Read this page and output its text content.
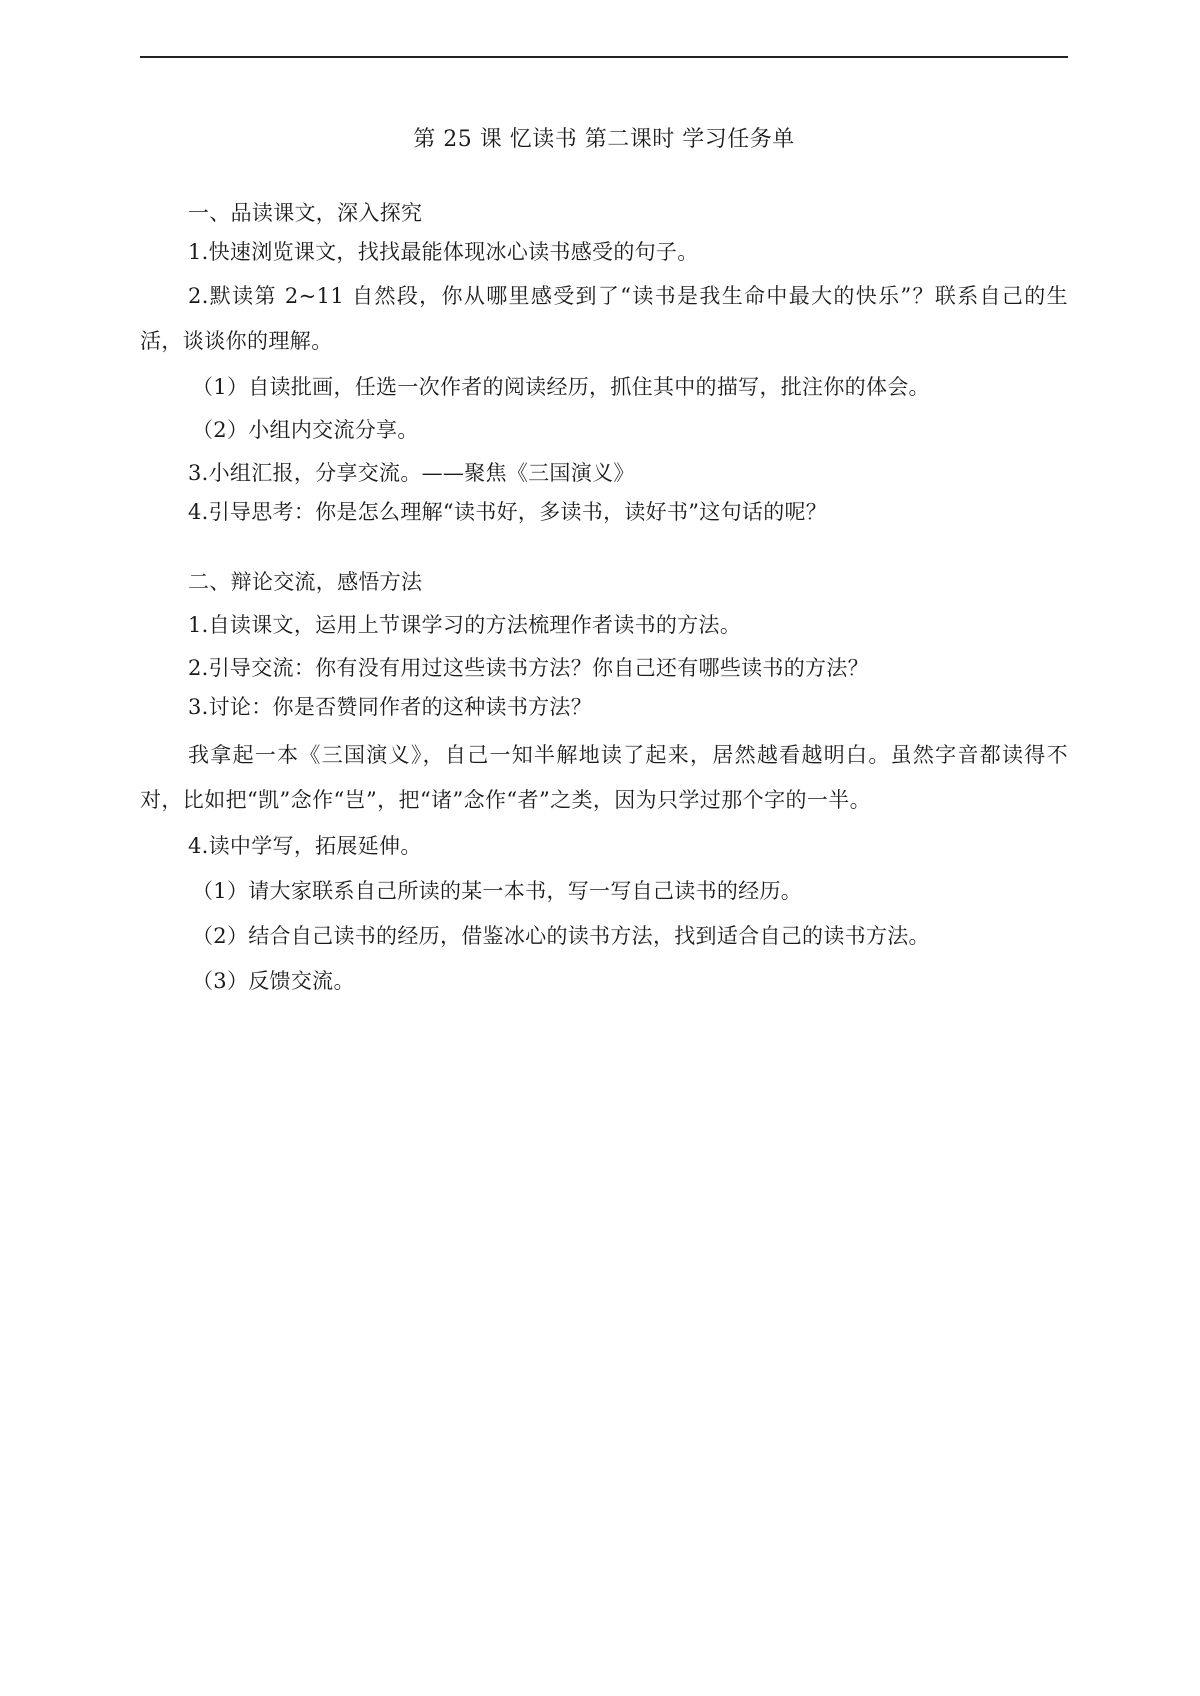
第 25 课 忆读书 第二课时 学习任务单

一、品读课文，深入探究

1.快速浏览课文，找找最能体现冰心读书感受的句子。

2.默读第 2~11 自然段，你从哪里感受到了“读书是我生命中最大的快乐”？联系自己的生活，谈谈你的理解。

（1）自读批画，任选一次作者的阅读经历，抓住其中的描写，批注你的体会。

（2）小组内交流分享。

3.小组汇报，分享交流。——聚焦《三国演义》

4.引导思考：你是怎么理解“读书好，多读书，读好书”这句话的呢？

二、辩论交流，感悟方法

1.自读课文，运用上节课学习的方法梳理作者读书的方法。

2.引导交流：你有没有用过这些读书方法？你自己还有哪些读书的方法？

3.讨论：你是否赞同作者的这种读书方法？

我拿起一本《三国演义》，自己一知半解地读了起来，居然越看越明白。虽然字音都读得不对，比如把“凯”念作“岂”，把“诸”念作“者”之类，因为只学过那个字的一半。

4.读中学写，拓展延伸。

（1）请大家联系自己所读的某一本书，写一写自己读书的经历。

（2）结合自己读书的经历，借鉴冰心的读书方法，找到适合自己的读书方法。

（3）反馈交流。
